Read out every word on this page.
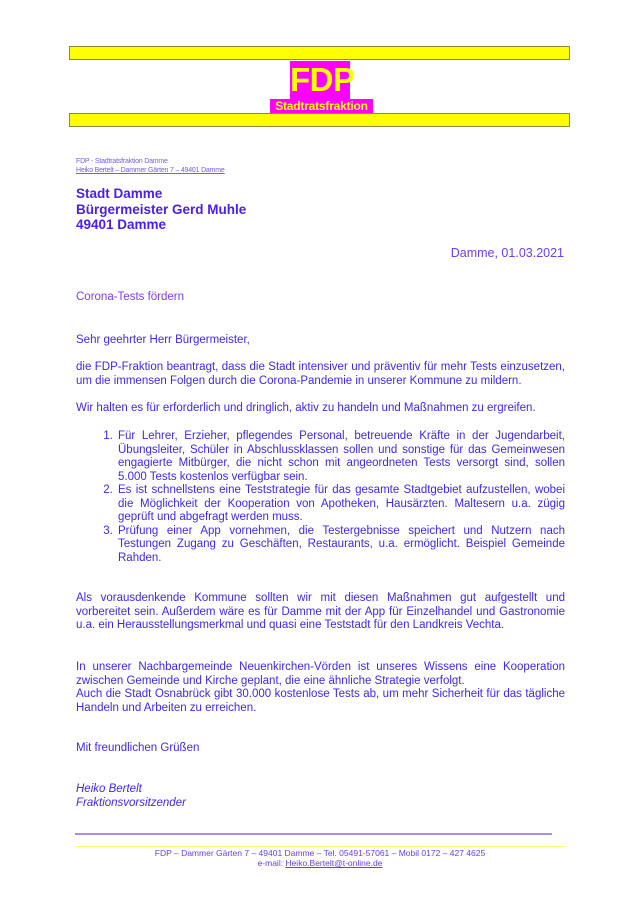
FDP
Stadtratsfraktion
FDP - Stadtratsfraktion Damme
Heiko Bertelt – Dammer Gärten 7 – 49401 Damme
Stadt Damme
Bürgermeister Gerd Muhle
49401 Damme
Damme, 01.03.2021
Corona-Tests fördern
Sehr geehrter Herr Bürgermeister,
die FDP-Fraktion beantragt, dass die Stadt intensiver und präventiv für mehr Tests einzusetzen, um die immensen Folgen durch die Corona-Pandemie in unserer Kommune zu mildern.
Wir halten es für erforderlich und dringlich, aktiv zu handeln und Maßnahmen zu ergreifen.
1. Für Lehrer, Erzieher, pflegendes Personal, betreuende Kräfte in der Jugendarbeit, Übungsleiter, Schüler in Abschlussklassen sollen und sonstige für das Gemeinwesen engagierte Mitbürger, die nicht schon mit angeordneten Tests versorgt sind, sollen 5.000 Tests kostenlos verfügbar sein.
2. Es ist schnellstens eine Teststrategie für das gesamte Stadtgebiet aufzustellen, wobei die Möglichkeit der Kooperation von Apotheken, Hausärzten. Maltesern u.a. zügig geprüft und abgefragt werden muss.
3. Prüfung einer App vornehmen, die Testergebnisse speichert und Nutzern nach Testungen Zugang zu Geschäften, Restaurants, u.a. ermöglicht. Beispiel Gemeinde Rahden.
Als vorausdenkende Kommune sollten wir mit diesen Maßnahmen gut aufgestellt und vorbereitet sein. Außerdem wäre es für Damme mit der App für Einzelhandel und Gastronomie u.a. ein Herausstellungsmerkmal und quasi eine Teststadt für den Landkreis Vechta.
In unserer Nachbargemeinde Neuenkirchen-Vörden ist unseres Wissens eine Kooperation zwischen Gemeinde und Kirche geplant, die eine ähnliche Strategie verfolgt.
Auch die Stadt Osnabrück gibt 30.000 kostenlose Tests ab, um mehr Sicherheit für das tägliche Handeln und Arbeiten zu erreichen.
Mit freundlichen Grüßen
Heiko Bertelt
Fraktionsvorsitzender
FDP – Dammer Gärten 7 – 49401 Damme – Tel. 05491-57061 – Mobil 0172 – 427 4625
e-mail: Heiko.Bertelt@t-online.de
